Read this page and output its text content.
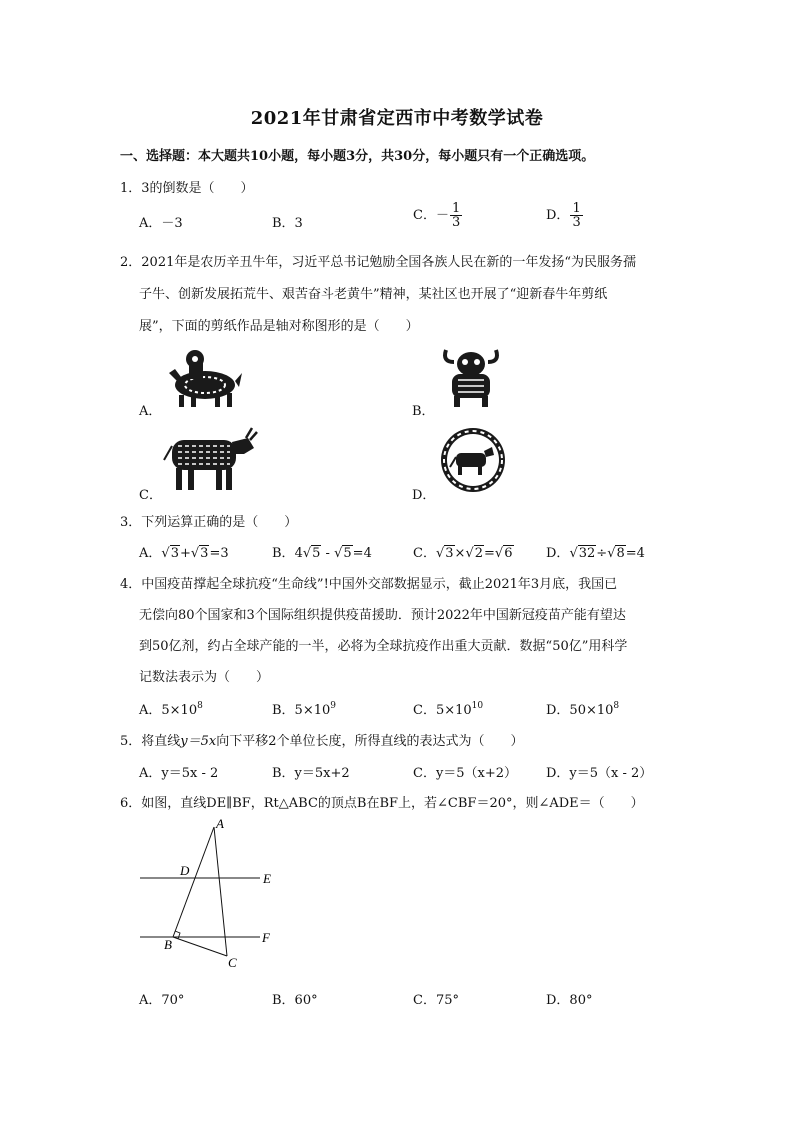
2021年甘肃省定西市中考数学试卷
一、选择题：本大题共10小题，每小题3分，共30分，每小题只有一个正确选项。
1．3的倒数是（　　）
A．－3	B．3
C．－ $\frac{1}{3}$	D． $\frac{1}{3}$
2．2021年是农历辛丑牛年，习近平总书记勉励全国各族人民在新的一年发扬“为民服务孺
子牛、创新发展拓荒牛、艰苦奋斗老黄牛”精神，某社区也开展了“迎新春牛年剪纸
展”，下面的剪纸作品是轴对称图形的是（　　）
A．	B．
C．	D．
3．下列运算正确的是（　　）
A．√3+√3=3	B．4√5 - √5=4	C．√3×√2=√6	D．√32÷√8=4
4．中国疫苗撑起全球抗疫“生命线”!中国外交部数据显示，截止2021年3月底，我国已
无偿向80个国家和3个国际组织提供疫苗援助．预计2022年中国新冠疫苗产能有望达
到50亿剂，约占全球产能的一半，必将为全球抗疫作出重大贡献．数据“50亿”用科学
记数法表示为（　　）
A．$5\times 10^8$	B．$5\times 10^9$	C．$5\times 10^{10}$	D．$50\times 10^8$
5．将直线y＝5x向下平移2个单位长度，所得直线的表达式为（　　）
A．y＝5x - 2	B．y＝5x+2	C．y＝5（x+2） D．y＝5（x - 2）
6．如图，直线DE∥BF，Rt△ABC的顶点B在BF上，若∠CBF＝20°，则∠ADE＝（　　）
A
D
E
B	F
C
A．70°	B．60°	C．75°	D．80°
